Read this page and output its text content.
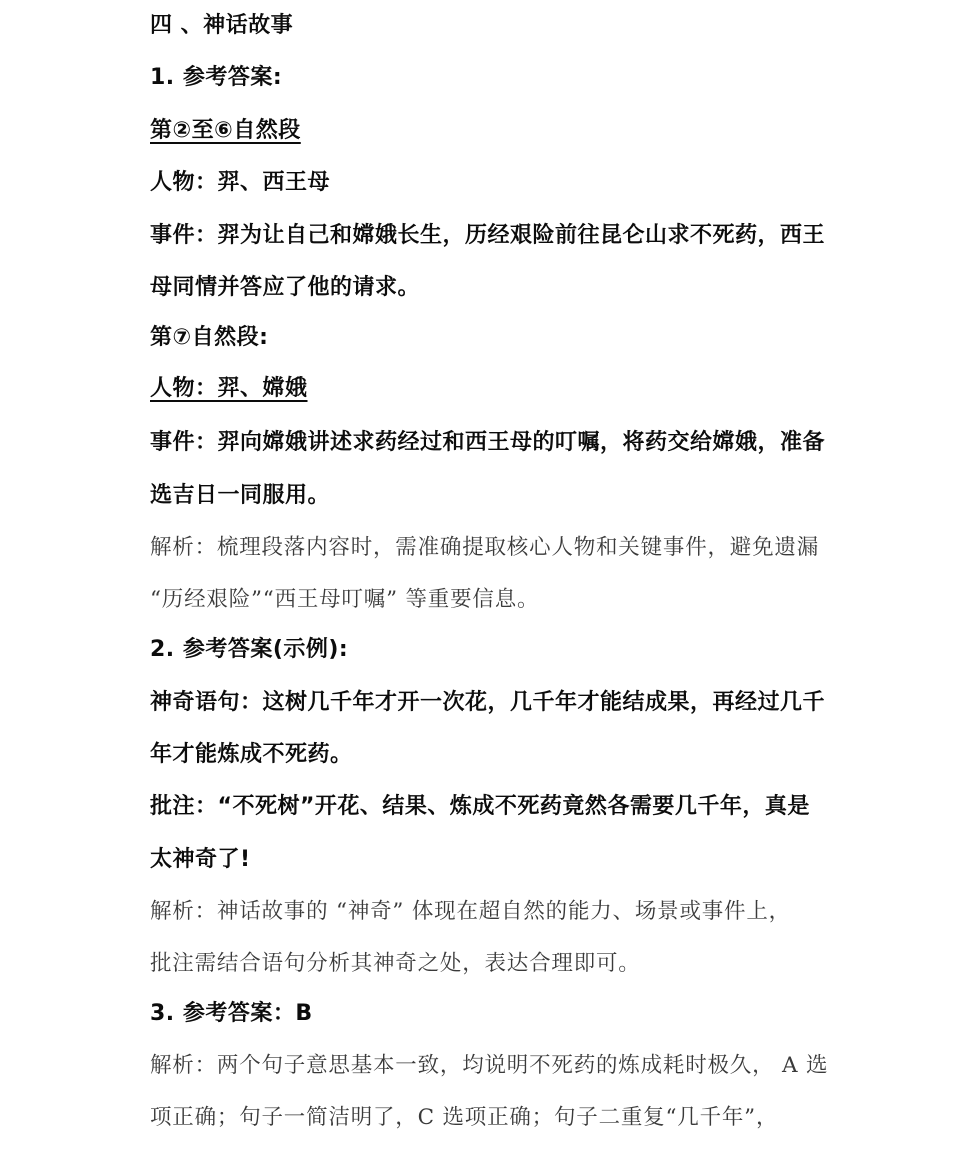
四 、神话故事
1. 参考答案:
第②至⑥自然段
人物：羿、西王母
事件：羿为让自己和嫦娥长生，历经艰险前往昆仑山求不死药，西王
母同情并答应了他的请求。
第⑦自然段:
人物：羿、嫦娥
事件：羿向嫦娥讲述求药经过和西王母的叮嘱，将药交给嫦娥，准备
选吉日一同服用。
解析：梳理段落内容时，需准确提取核心人物和关键事件，避免遗漏
“历经艰险”“西王母叮嘱” 等重要信息。
2. 参考答案(示例):
神奇语句：这树几千年才开一次花，几千年才能结成果，再经过几千
年才能炼成不死药。
批注：“不死树”开花、结果、炼成不死药竟然各需要几千年，真是
太神奇了!
解析：神话故事的 “神奇” 体现在超自然的能力、场景或事件上，
批注需结合语句分析其神奇之处，表达合理即可。
3. 参考答案：B
解析：两个句子意思基本一致，均说明不死药的炼成耗时极久， A 选
项正确；句子一简洁明了，C 选项正确；句子二重复“几千年”，
